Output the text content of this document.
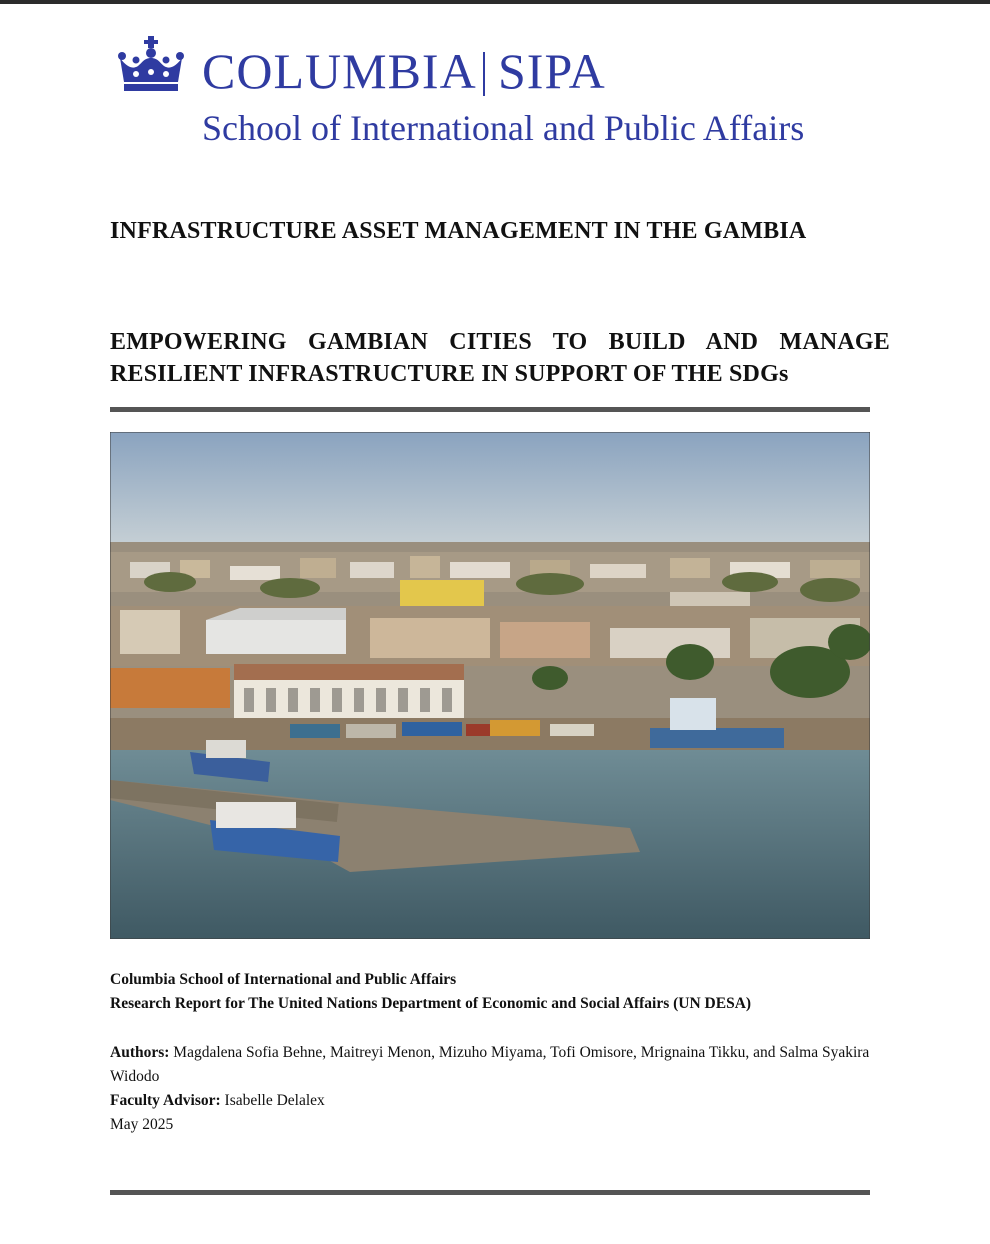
COLUMBIA SIPA
School of International and Public Affairs
INFRASTRUCTURE ASSET MANAGEMENT IN THE GAMBIA
EMPOWERING GAMBIAN CITIES TO BUILD AND MANAGE RESILIENT INFRASTRUCTURE IN SUPPORT OF THE SDGs
Columbia School of International and Public Affairs
Research Report for The United Nations Department of Economic and Social Affairs (UN DESA)
Authors: Magdalena Sofia Behne, Maitreyi Menon, Mizuho Miyama, Tofi Omisore, Mrignaina Tikku, and Salma Syakira Widodo
Faculty Advisor: Isabelle Delalex
May 2025
